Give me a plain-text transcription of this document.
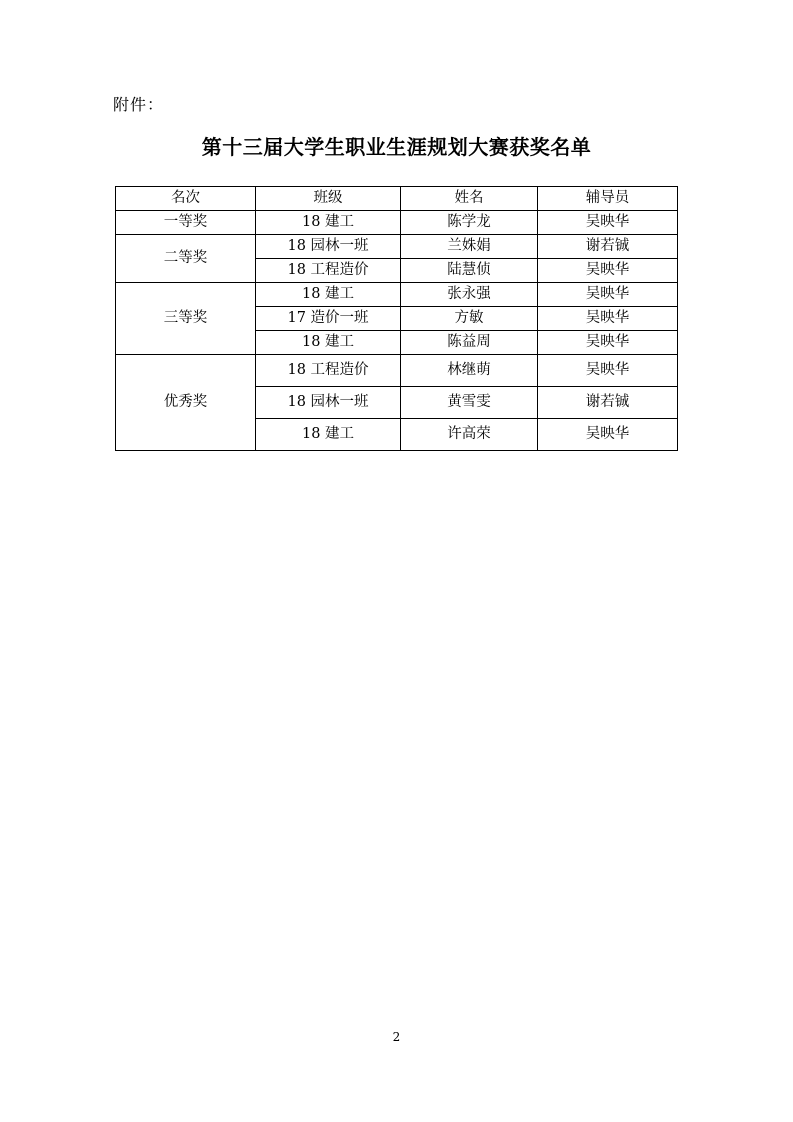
附件：
第十三届大学生职业生涯规划大赛获奖名单
名次	班级	姓名	辅导员
一等奖	18 建工	陈学龙	吴映华
二等奖	18 园林一班	兰姝娟	谢若铖
	18 工程造价	陆慧侦	吴映华
三等奖	18 建工	张永强	吴映华
	17 造价一班	方敏	吴映华
	18 建工	陈益周	吴映华
优秀奖	18 工程造价	林继萌	吴映华
	18 园林一班	黄雪雯	谢若铖
	18 建工	许高荣	吴映华
2
